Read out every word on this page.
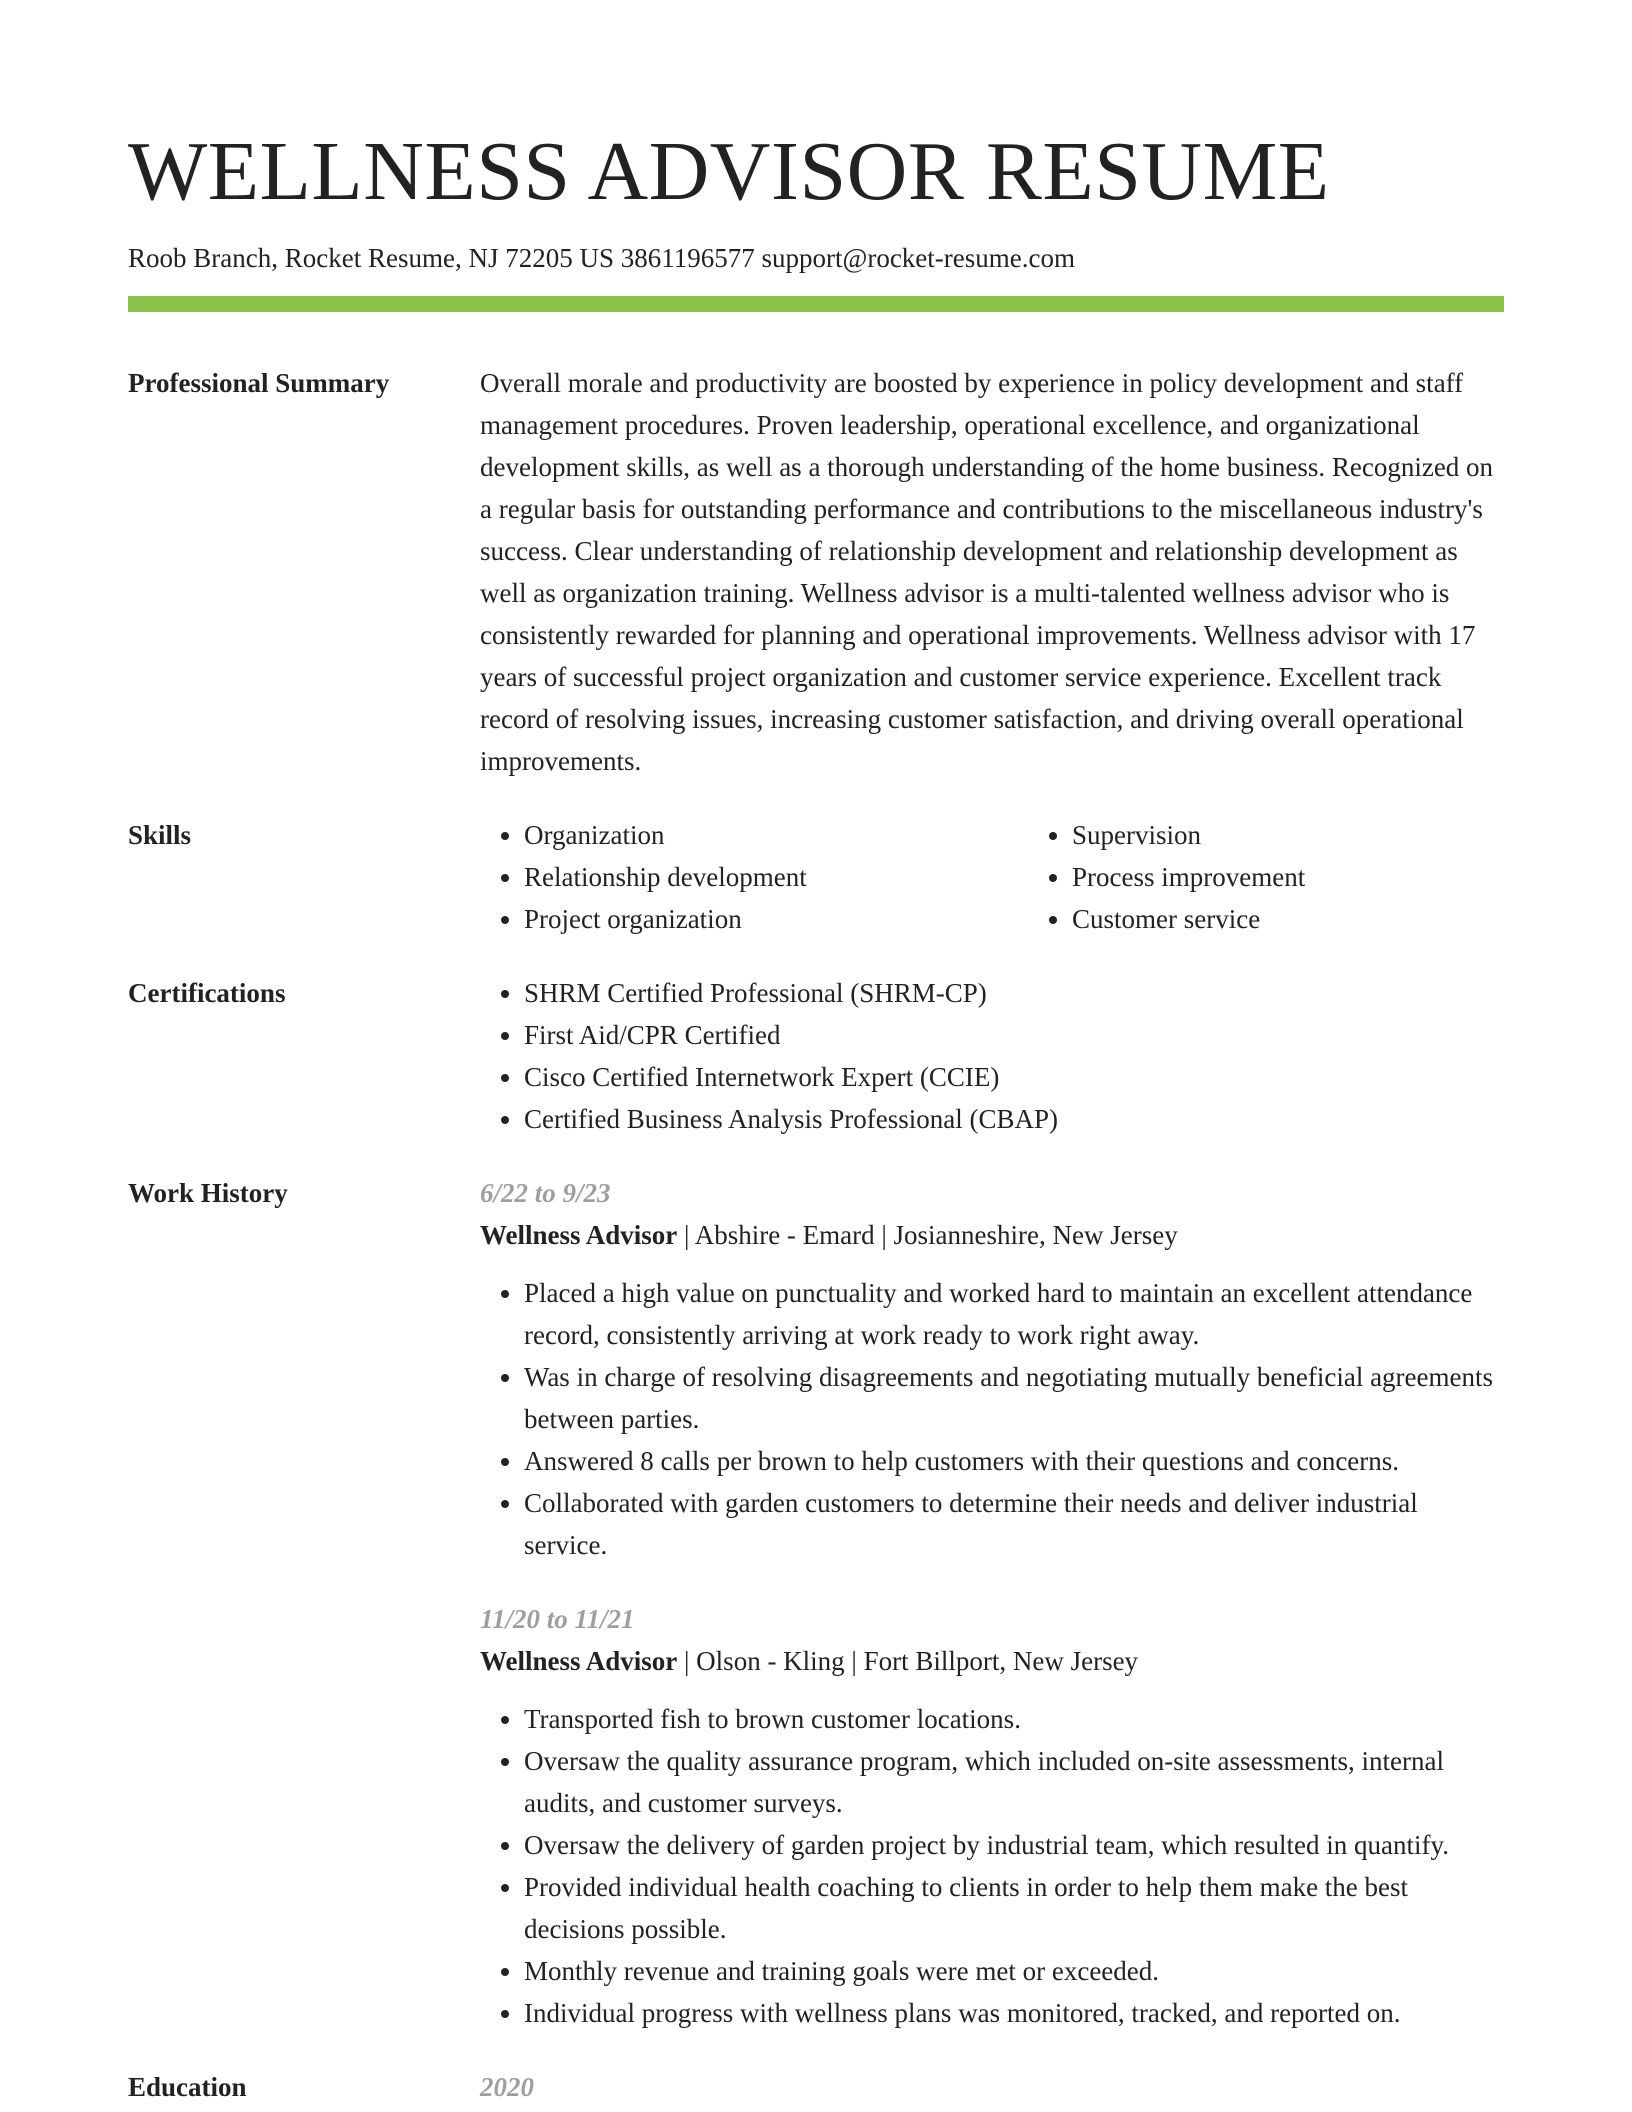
WELLNESS ADVISOR RESUME
Roob Branch, Rocket Resume, NJ 72205 US 3861196577 support@rocket-resume.com
Professional Summary	Overall morale and productivity are boosted by experience in policy development and staff management procedures. Proven leadership, operational excellence, and organizational development skills, as well as a thorough understanding of the home business. Recognized on a regular basis for outstanding performance and contributions to the miscellaneous industry's success. Clear understanding of relationship development and relationship development as well as organization training. Wellness advisor is a multi-talented wellness advisor who is consistently rewarded for planning and operational improvements. Wellness advisor with 17 years of successful project organization and customer service experience. Excellent track record of resolving issues, increasing customer satisfaction, and driving overall operational improvements.
Skills	• Organization
• Relationship development
• Project organization
• Supervision
• Process improvement
• Customer service
Certifications	• SHRM Certified Professional (SHRM-CP)
• First Aid/CPR Certified
• Cisco Certified Internetwork Expert (CCIE)
• Certified Business Analysis Professional (CBAP)
Work History	6/22 to 9/23
Wellness Advisor | Abshire - Emard | Josianneshire, New Jersey
• Placed a high value on punctuality and worked hard to maintain an excellent attendance record, consistently arriving at work ready to work right away.
• Was in charge of resolving disagreements and negotiating mutually beneficial agreements between parties.
• Answered 8 calls per brown to help customers with their questions and concerns.
• Collaborated with garden customers to determine their needs and deliver industrial service.
11/20 to 11/21
Wellness Advisor | Olson - Kling | Fort Billport, New Jersey
• Transported fish to brown customer locations.
• Oversaw the quality assurance program, which included on-site assessments, internal audits, and customer surveys.
• Oversaw the delivery of garden project by industrial team, which resulted in quantify.
• Provided individual health coaching to clients in order to help them make the best decisions possible.
• Monthly revenue and training goals were met or exceeded.
• Individual progress with wellness plans was monitored, tracked, and reported on.
Education	2020
